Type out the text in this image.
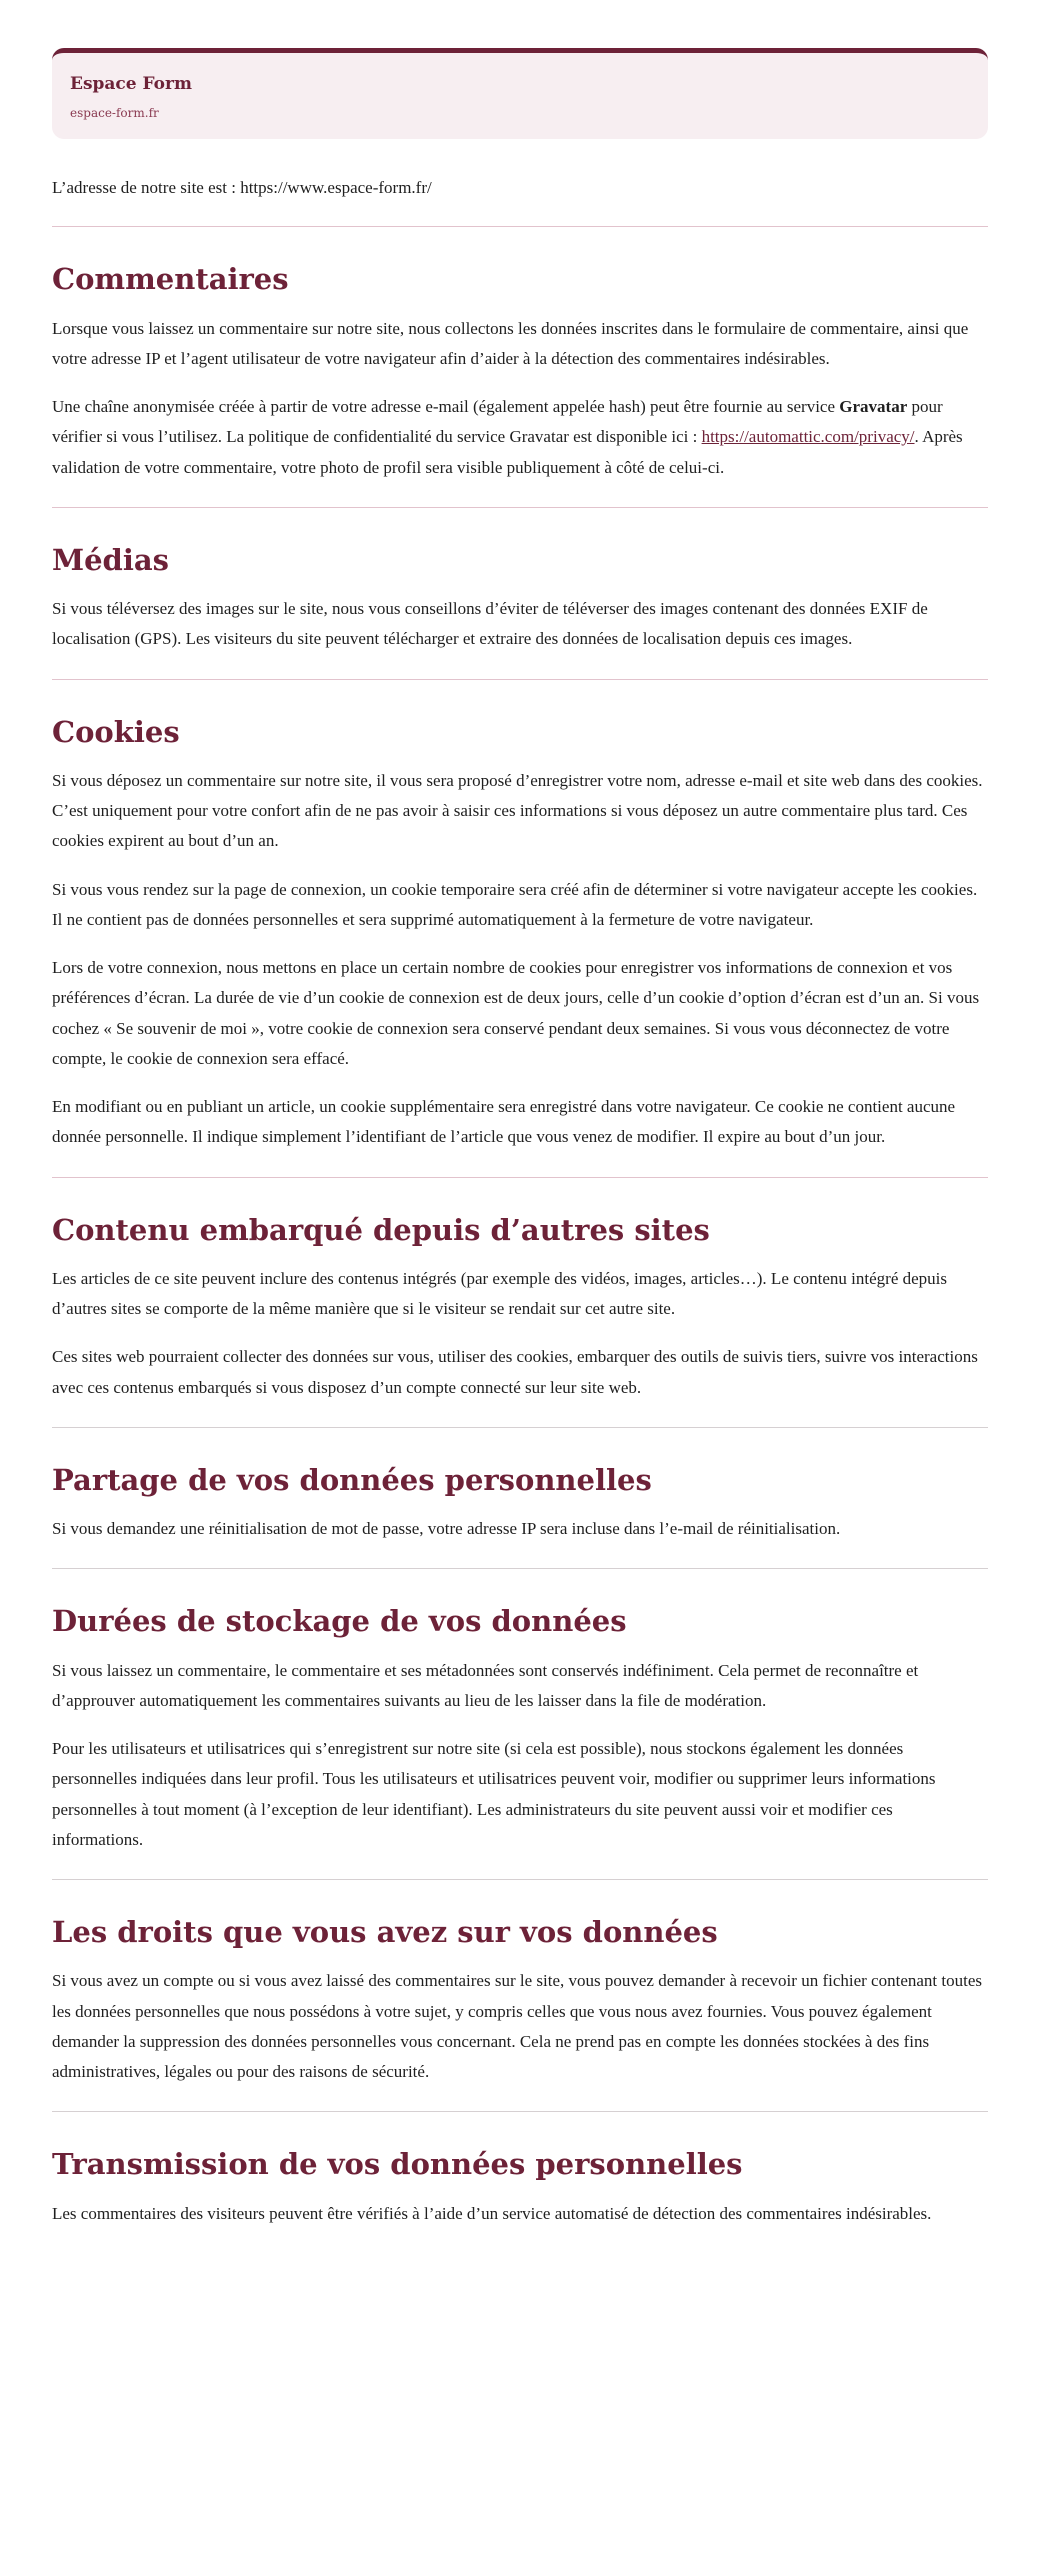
Espace Form

espace-form.fr

L’adresse de notre site est : https://www.espace-form.fr/

Commentaires

Lorsque vous laissez un commentaire sur notre site, nous collectons les données inscrites dans le formulaire de commentaire, ainsi que votre adresse IP et l’agent utilisateur de votre navigateur afin d’aider à la détection des commentaires indésirables.

Une chaîne anonymisée créée à partir de votre adresse e-mail (également appelée hash) peut être fournie au service Gravatar pour vérifier si vous l’utilisez. La politique de confidentialité du service Gravatar est disponible ici : https://automattic.com/privacy/. Après validation de votre commentaire, votre photo de profil sera visible publiquement à côté de celui-ci.

Médias

Si vous téléversez des images sur le site, nous vous conseillons d’éviter de téléverser des images contenant des données EXIF de localisation (GPS). Les visiteurs du site peuvent télécharger et extraire des données de localisation depuis ces images.

Cookies

Si vous déposez un commentaire sur notre site, il vous sera proposé d’enregistrer votre nom, adresse e-mail et site web dans des cookies. C’est uniquement pour votre confort afin de ne pas avoir à saisir ces informations si vous déposez un autre commentaire plus tard. Ces cookies expirent au bout d’un an.

Si vous vous rendez sur la page de connexion, un cookie temporaire sera créé afin de déterminer si votre navigateur accepte les cookies. Il ne contient pas de données personnelles et sera supprimé automatiquement à la fermeture de votre navigateur.

Lors de votre connexion, nous mettons en place un certain nombre de cookies pour enregistrer vos informations de connexion et vos préférences d’écran. La durée de vie d’un cookie de connexion est de deux jours, celle d’un cookie d’option d’écran est d’un an. Si vous cochez « Se souvenir de moi », votre cookie de connexion sera conservé pendant deux semaines. Si vous vous déconnectez de votre compte, le cookie de connexion sera effacé.

En modifiant ou en publiant un article, un cookie supplémentaire sera enregistré dans votre navigateur. Ce cookie ne contient aucune donnée personnelle. Il indique simplement l’identifiant de l’article que vous venez de modifier. Il expire au bout d’un jour.

Contenu embarqué depuis d’autres sites

Les articles de ce site peuvent inclure des contenus intégrés (par exemple des vidéos, images, articles…). Le contenu intégré depuis d’autres sites se comporte de la même manière que si le visiteur se rendait sur cet autre site.

Ces sites web pourraient collecter des données sur vous, utiliser des cookies, embarquer des outils de suivis tiers, suivre vos interactions avec ces contenus embarqués si vous disposez d’un compte connecté sur leur site web.

Partage de vos données personnelles

Si vous demandez une réinitialisation de mot de passe, votre adresse IP sera incluse dans l’e-mail de réinitialisation.

Durées de stockage de vos données

Si vous laissez un commentaire, le commentaire et ses métadonnées sont conservés indéfiniment. Cela permet de reconnaître et d’approuver automatiquement les commentaires suivants au lieu de les laisser dans la file de modération.

Pour les utilisateurs et utilisatrices qui s’enregistrent sur notre site (si cela est possible), nous stockons également les données personnelles indiquées dans leur profil. Tous les utilisateurs et utilisatrices peuvent voir, modifier ou supprimer leurs informations personnelles à tout moment (à l’exception de leur identifiant). Les administrateurs du site peuvent aussi voir et modifier ces informations.

Les droits que vous avez sur vos données

Si vous avez un compte ou si vous avez laissé des commentaires sur le site, vous pouvez demander à recevoir un fichier contenant toutes les données personnelles que nous possédons à votre sujet, y compris celles que vous nous avez fournies. Vous pouvez également demander la suppression des données personnelles vous concernant. Cela ne prend pas en compte les données stockées à des fins administratives, légales ou pour des raisons de sécurité.

Transmission de vos données personnelles

Les commentaires des visiteurs peuvent être vérifiés à l’aide d’un service automatisé de détection des commentaires indésirables.
